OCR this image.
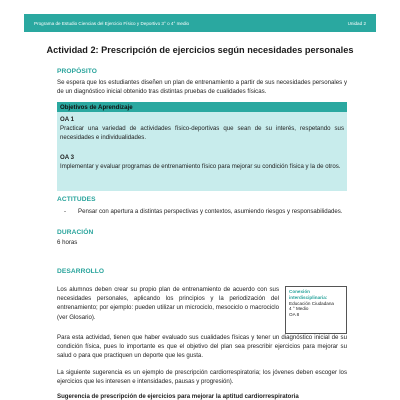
Programa de Estudio Ciencias del Ejercicio Físico y Deportivo 3° o 4° medio	Unidad 2
Actividad 2: Prescripción de ejercicios según necesidades personales
PROPÓSITO
Se espera que los estudiantes diseñen un plan de entrenamiento a partir de sus necesidades personales y de un diagnóstico inicial obtenido tras distintas pruebas de cualidades físicas.
Objetivos de Aprendizaje
OA 1
Practicar una variedad de actividades físico-deportivas que sean de su interés, respetando sus necesidades e individualidades.
OA 3
Implementar y evaluar programas de entrenamiento físico para mejorar su condición física y la de otros.
ACTITUDES
-	Pensar con apertura a distintas perspectivas y contextos, asumiendo riesgos y responsabilidades.
DURACIÓN
6 horas
DESARROLLO
Los alumnos deben crear su propio plan de entrenamiento de acuerdo con sus necesidades personales, aplicando los principios y la periodización del entrenamiento; por ejemplo: pueden utilizar un microciclo, mesociclo o macrociclo (ver Glosario).
Conexión
interdisciplinaria:
Educación Ciudadana
4 ° Medio
OA 8
Para esta actividad, tienen que haber evaluado sus cualidades físicas y tener un diagnóstico inicial de su condición física, pues lo importante es que el objetivo del plan sea prescribir ejercicios para mejorar su salud o para que practiquen un deporte que les gusta.
La siguiente sugerencia es un ejemplo de prescripción cardiorrespiratoria; los jóvenes deben escoger los ejercicios que les interesen e intensidades, pausas y progresión).
Sugerencia de prescripción de ejercicios para mejorar la aptitud cardiorrespiratoria
